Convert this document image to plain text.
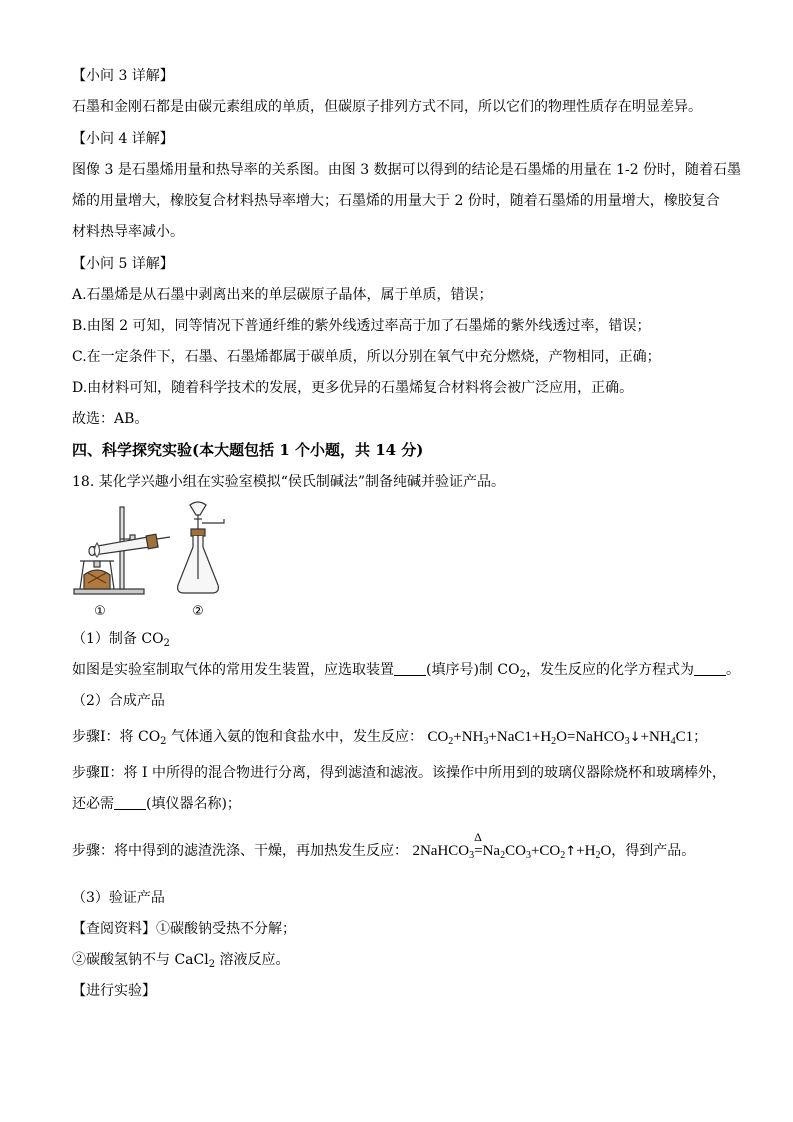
【小问 3 详解】
石墨和金刚石都是由碳元素组成的单质，但碳原子排列方式不同，所以它们的物理性质存在明显差异。
【小问 4 详解】
图像 3 是石墨烯用量和热导率的关系图。由图 3 数据可以得到的结论是石墨烯的用量在 1-2 份时，随着石墨
烯的用量增大，橡胶复合材料热导率增大；石墨烯的用量大于 2 份时，随着石墨烯的用量增大，橡胶复合
材料热导率减小。
【小问 5 详解】
A.石墨烯是从石墨中剥离出来的单层碳原子晶体，属于单质，错误；
B.由图 2 可知，同等情况下普通纤维的紫外线透过率高于加了石墨烯的紫外线透过率，错误；
C.在一定条件下，石墨、石墨烯都属于碳单质，所以分别在氧气中充分燃烧，产物相同，正确；
D.由材料可知，随着科学技术的发展，更多优异的石墨烯复合材料将会被广泛应用，正确。
故选：AB。
四、科学探究实验(本大题包括 1 个小题，共 14 分)
18. 某化学兴趣小组在实验室模拟“侯氏制碱法”制备纯碱并验证产品。
①	②
（1）制备 $CO_2$
如图是实验室制取气体的常用发生装置，应选取装置 (填序号)制 $CO_2$，发生反应的化学方程式为 。
（2）合成产品
步骤Ⅰ：将 $CO_2$ 气体通入氨的饱和食盐水中，发生反应： $CO_2+NH_3+NaC1+H_2O=NaHCO_3↓+NH_4C1$；
步骤Ⅱ：将 I 中所得的混合物进行分离，得到滤渣和滤液。该操作中所用到的玻璃仪器除烧杯和玻璃棒外，
还必需 (填仪器名称)；
步骤：将中得到的滤渣洗涤、干燥，再加热发生反应： 2NaHCO$_3$
Δ
$=Na_2CO_3+CO_2↑+H_2O$，得到产品。
（3）验证产品
【查阅资料】①碳酸钠受热不分解；
②碳酸氢钠不与 CaCl$_2$ 溶液反应。
【进行实验】
